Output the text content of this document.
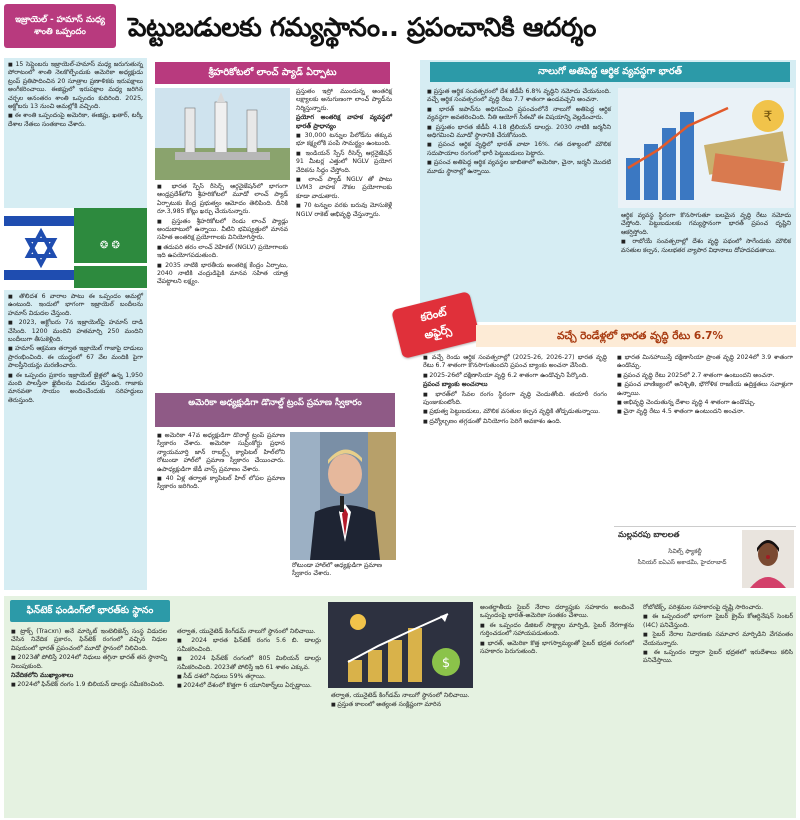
ఇజ్రాయెల్ - హమాస్ మధ్య శాంతి ఒప్పందం	పెట్టుబడులకు గమ్యస్థానం.. ప్రపంచానికి ఆదర్శం

■ 15 సెప్టెంబరు ఇజ్రాయెల్-హమాస్ మధ్య జరుగుతున్న పోరాటంలో శాంతి నెలకొల్పేందుకు అమెరికా అధ్యక్షుడు ట్రంప్ ప్రతిపాదించిన 20 సూత్రాల ప్రణాళికకు ఇరుపక్షాలు అంగీకరించాయి. ఈజిప్టులో ఇరుపక్షాల మధ్య జరిగిన చర్చల అనంతరం శాంతి ఒప్పందం కుదిరింది. 2025, అక్టోబరు 13 నుంచి అమల్లోకి వచ్చింది.

■ ఈ శాంతి ఒప్పందంపై అమెరికా, ఈజిప్టు, ఖతార్, టర్కీ దేశాల నేతలు సంతకాలు చేశారు.

❂ ❂

■ తొలిదశ 6 వారాల పాటు ఈ ఒప్పందం అమల్లో ఉంటుంది. ఇందులో భాగంగా ఇజ్రాయెల్ బందీలను హమాస్ విడుదల చేస్తుంది.

■ 2023, అక్టోబరు 7న ఇజ్రాయెల్‌పై హమాస్ దాడి చేసింది. 1200 మందిని హతమార్చి 250 మందిని బందీలుగా తీసుకెళ్లింది.

■ హమాస్ ఆక్రమణ తర్వాత ఇజ్రాయెల్ గాజాపై దాడులు ప్రారంభించింది. ఈ యుద్ధంలో 67 వేల మందికి పైగా పాలస్తీనియన్లు మరణించారు.

■ ఈ ఒప్పందం ప్రకారం ఇజ్రాయెల్ జైళ్లలో ఉన్న 1,950 మంది పాలస్తీనా ఖైదీలను విడుదల చేస్తుంది. గాజాకు మానవతా సాయం అందించేందుకు సరిహద్దులు తెరుస్తుంది.

శ్రీహరికోటలో లాంచ్ ప్యాడ్ ఏర్పాటు

■ భారత స్పేస్ రీసెర్చ్ ఆర్గనైజేషన్‌లో భాగంగా ఆంధ్రప్రదేశ్‌లోని శ్రీహరికోటలో మూడో లాంచ్ ప్యాడ్ ఏర్పాటుకు కేంద్ర ప్రభుత్వం ఆమోదం తెలిపింది. దీనికి రూ.3,985 కోట్లు ఖర్చు చేయనున్నారు.

■ ప్రస్తుతం శ్రీహరికోటలో రెండు లాంచ్ ప్యాడ్లు అందుబాటులో ఉన్నాయి. వీటిని భవిష్యత్తులో మానవ సహిత అంతరిక్ష ప్రయోగాలకు వినియోగిస్తారు.

■ తదుపరి తరం లాంచ్ వెహికల్ (NGLV) ప్రయోగాలకు ఇది ఉపయోగపడుతుంది.

■ 2035 నాటికి భారతీయ అంతరిక్ష కేంద్రం ఏర్పాటు, 2040 నాటికి చంద్రుడిపైకి మానవ సహిత యాత్ర చేపట్టాలని లక్ష్యం.

ప్రస్తుతం ఇస్రో ముందున్న అంతరిక్ష లక్ష్యాలకు అనుగుణంగా లాంచ్ ప్యాడ్‌ను నిర్మిస్తున్నారు.

ప్రయోగ అంతరిక్ష వాహక వ్యవస్థలో భారత్ ప్రాధాన్యం

■ 30,000 టన్నుల పేలోడ్‌ను తక్కువ భూ కక్ష్యలోకి పంపే సామర్థ్యం ఉంటుంది.

■ ఇండియన్ స్పేస్ రీసెర్చ్ ఆర్గనైజేషన్ 91 మీటర్ల ఎత్తులో NGLV ప్రయోగ వేదికను సిద్ధం చేస్తోంది.

■ లాంచ్ ప్యాడ్ NGLV తో పాటు LVM3 వాహక నౌకల ప్రయోగాలకు కూడా వాడుతారు.

■ 70 టన్నుల వరకు బరువు మోసుకెళ్లే NGLV రాకెట్ అభివృద్ధి చేస్తున్నారు.

అమెరికా అధ్యక్షుడిగా డొనాల్డ్ ట్రంప్ ప్రమాణ స్వీకారం

■ అమెరికా 47వ అధ్యక్షుడిగా డొనాల్డ్ ట్రంప్ ప్రమాణ స్వీకారం చేశారు. అమెరికా సుప్రీంకోర్టు ప్రధాన న్యాయమూర్తి జాన్ రాబర్ట్స్ క్యాపిటల్ హిల్‌లోని రోటుండా హాల్‌లో ప్రమాణ స్వీకారం చేయించారు. ఉపాధ్యక్షుడిగా జేడీ వాన్స్ ప్రమాణం చేశారు.

■ 40 ఏళ్ల తర్వాత క్యాపిటల్ హిల్ లోపల ప్రమాణ స్వీకారం జరిగింది.

రోటుండా హాల్‌లో అధ్యక్షుడిగా ప్రమాణ స్వీకారం చేశారు.
నాలుగో అతిపెద్ద ఆర్థిక వ్యవస్థగా భారత్

■ ప్రస్తుత ఆర్థిక సంవత్సరంలో దేశ జీడీపీ 6.8% వృద్ధిని నమోదు చేయనుంది. వచ్చే ఆర్థిక సంవత్సరంలో వృద్ధి రేటు 7.7 శాతంగా ఉండవచ్చని అంచనా.

■ భారత్ జపాన్‌ను అధిగమించి ప్రపంచంలోనే నాలుగో అతిపెద్ద ఆర్థిక వ్యవస్థగా అవతరించింది. నీతి ఆయోగ్ సీఈవో ఈ విషయాన్ని వెల్లడించారు.

■ ప్రస్తుతం భారత జీడీపీ 4.18 ట్రిలియన్ డాలర్లు. 2030 నాటికి జర్మనీని అధిగమించి మూడో స్థానానికి చేరుకోనుంది.

■ ప్రపంచ ఆర్థిక వృద్ధిలో భారత్ వాటా 16%. గత దశాబ్దంలో మౌలిక సదుపాయాల రంగంలో భారీ పెట్టుబడులు పెట్టారు.

■ ప్రపంచ అతిపెద్ద ఆర్థిక వ్యవస్థల జాబితాలో అమెరికా, చైనా, జర్మనీ మొదటి మూడు స్థానాల్లో ఉన్నాయి.

₹

ఆర్థిక వ్యవస్థ స్థిరంగా కొనసాగుతూ బలమైన వృద్ధి రేటు నమోదు చేస్తోంది. పెట్టుబడులకు గమ్యస్థానంగా భారత్ ప్రపంచ దృష్టిని ఆకర్షిస్తోంది.

■ రాబోయే సంవత్సరాల్లో దేశం వృద్ధి పథంలో సాగేందుకు మౌలిక వసతుల కల్పన, సులభతర వ్యాపార విధానాలు దోహదపడతాయి.

కరెంట్
అఫైర్స్	వచ్చే రెండేళ్లలో భారత వృద్ధి రేటు 6.7%

■ వచ్చే రెండు ఆర్థిక సంవత్సరాల్లో (2025-26, 2026-27) భారత వృద్ధి రేటు 6.7 శాతంగా కొనసాగుతుందని ప్రపంచ బ్యాంకు అంచనా వేసింది.

■ 2025-26లో దక్షిణాసియా వృద్ధి 6.2 శాతంగా ఉండొచ్చని పేర్కొంది.

ప్రపంచ బ్యాంకు అంచనాలు

■ భారత్‌లో సేవల రంగం స్థిరంగా వృద్ధి చెందుతోంది. తయారీ రంగం పుంజుకుంటోంది.

■ ప్రభుత్వ పెట్టుబడులు, మౌలిక వసతుల కల్పన వృద్ధికి తోడ్పడుతున్నాయి.

■ ద్రవ్యోల్బణం తగ్గడంతో వినియోగం పెరిగే అవకాశం ఉంది.

■ భారత మినహాయిస్తే దక్షిణాసియా ప్రాంత వృద్ధి 2024లో 3.9 శాతంగా ఉండొచ్చు.

■ ప్రపంచ వృద్ధి రేటు 2025లో 2.7 శాతంగా ఉంటుందని అంచనా.

■ ప్రపంచ వాణిజ్యంలో అనిశ్చితి, భౌగోళిక రాజకీయ ఉద్రిక్తతలు సవాళ్లుగా ఉన్నాయి.

■ అభివృద్ధి చెందుతున్న దేశాల వృద్ధి 4 శాతంగా ఉండొచ్చు.

■ చైనా వృద్ధి రేటు 4.5 శాతంగా ఉంటుందని అంచనా.

మల్లవరపు బాలలత
సివిల్స్ ఫ్యాకల్టీ
సీనియర్ ఐఏఎస్ అకాడమీ, హైదరాబాద్
ఫిన్‌టెక్ ఫండింగ్‌లో భారత్‌కు స్థానం

■ ట్రాక్స్ (Tracxn) అనే మార్కెట్ ఇంటెలిజెన్స్ సంస్థ విడుదల చేసిన నివేదిక ప్రకారం, ఫిన్‌టెక్ రంగంలో వచ్చిన నిధుల విషయంలో భారత్ ప్రపంచంలో మూడో స్థానంలో నిలిచింది.

■ 2023తో పోలిస్తే 2024లో నిధులు తగ్గినా భారత్ తన స్థానాన్ని నిలుపుకుంది.

నివేదికలోని ముఖ్యాంశాలు

■ 2024లో ఫిన్‌టెక్ రంగం 1.9 బిలియన్ డాలర్లు సమీకరించింది.

తర్వాత, యునైటెడ్ కింగ్‌డమ్ నాలుగో స్థానంలో నిలిచాయి.

■ 2024 భారత ఫిన్‌టెక్ రంగం 5.6 బి. డాలర్లు సమీకరించింది.

■ 2024 ఫిన్‌టెక్ రంగంలో 805 మిలియన్ డాలర్లు సమీకరించింది. 2023తో పోలిస్తే ఇది 61 శాతం ఎక్కువ.

■ సీడ్ దశలో నిధులు 59% తగ్గాయి.

■ 2024లో దేశంలో కొత్తగా 6 యూనికార్న్‌లు ఏర్పడ్డాయి.

$

తర్వాత, యునైటెడ్ కింగ్‌డమ్ నాలుగో స్థానంలో నిలిచాయి.

■ ప్రస్తుత కాలంలో అత్యంత సంక్లిష్టంగా మారిన

అంతర్జాతీయ సైబర్ నేరాల దర్యాప్తుకు సహకారం అందించే ఒప్పందంపై భారత్-అమెరికా సంతకం చేశాయి.

■ ఈ ఒప్పందం డిజిటల్ సాక్ష్యాల మార్పిడి, సైబర్ నేరగాళ్లను గుర్తించడంలో సహాయపడుతుంది.

■ భారత్, అమెరికా కొత్త భాగస్వామ్యంతో సైబర్ భద్రత రంగంలో సహకారం పెరుగుతుంది.

రోబోటిక్స్, పరిశ్రమల సహకారంపై దృష్టి సారించారు.

■ ఈ ఒప్పందంలో భాగంగా సైబర్ క్రైమ్ కోఆర్డినేషన్ సెంటర్ (I4C) పనిచేస్తుంది.

■ సైబర్ నేరాల నివారణకు సమాచార మార్పిడిని వేగవంతం చేయనున్నారు.

■ ఈ ఒప్పందం ద్వారా సైబర్ భద్రతలో ఇరుదేశాలు కలిసి పనిచేస్తాయి.
